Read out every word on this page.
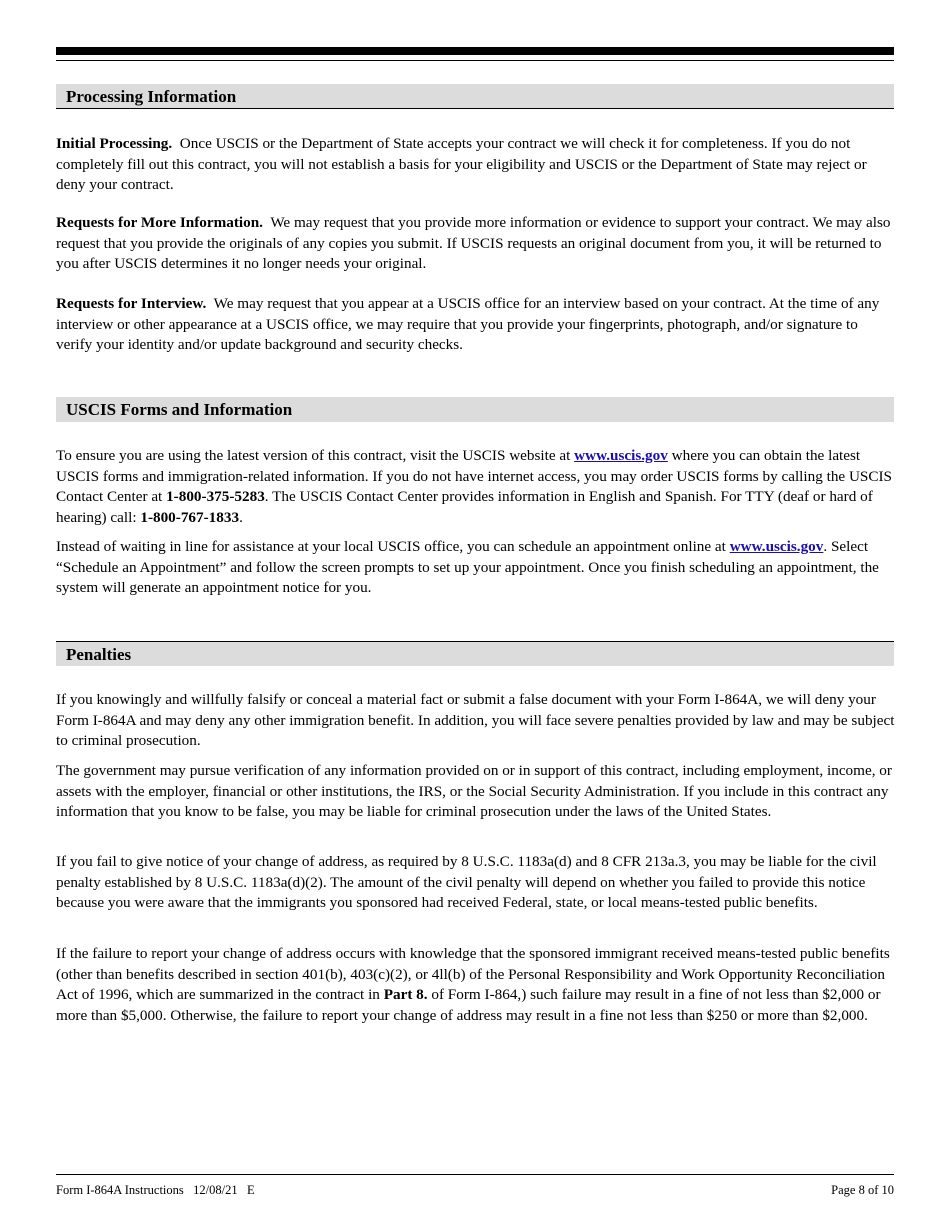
Processing Information

Initial Processing. Once USCIS or the Department of State accepts your contract we will check it for completeness. If you do not completely fill out this contract, you will not establish a basis for your eligibility and USCIS or the Department of State may reject or deny your contract.

Requests for More Information. We may request that you provide more information or evidence to support your contract. We may also request that you provide the originals of any copies you submit. If USCIS requests an original document from you, it will be returned to you after USCIS determines it no longer needs your original.

Requests for Interview. We may request that you appear at a USCIS office for an interview based on your contract. At the time of any interview or other appearance at a USCIS office, we may require that you provide your fingerprints, photograph, and/or signature to verify your identity and/or update background and security checks.

USCIS Forms and Information

To ensure you are using the latest version of this contract, visit the USCIS website at www.uscis.gov where you can obtain the latest USCIS forms and immigration-related information. If you do not have internet access, you may order USCIS forms by calling the USCIS Contact Center at 1-800-375-5283. The USCIS Contact Center provides information in English and Spanish. For TTY (deaf or hard of hearing) call: 1-800-767-1833.

Instead of waiting in line for assistance at your local USCIS office, you can schedule an appointment online at www.uscis.gov. Select “Schedule an Appointment” and follow the screen prompts to set up your appointment. Once you finish scheduling an appointment, the system will generate an appointment notice for you.

Penalties

If you knowingly and willfully falsify or conceal a material fact or submit a false document with your Form I-864A, we will deny your Form I-864A and may deny any other immigration benefit. In addition, you will face severe penalties provided by law and may be subject to criminal prosecution.

The government may pursue verification of any information provided on or in support of this contract, including employment, income, or assets with the employer, financial or other institutions, the IRS, or the Social Security Administration. If you include in this contract any information that you know to be false, you may be liable for criminal prosecution under the laws of the United States.

If you fail to give notice of your change of address, as required by 8 U.S.C. 1183a(d) and 8 CFR 213a.3, you may be liable for the civil penalty established by 8 U.S.C. 1183a(d)(2). The amount of the civil penalty will depend on whether you failed to provide this notice because you were aware that the immigrants you sponsored had received Federal, state, or local means-tested public benefits.

If the failure to report your change of address occurs with knowledge that the sponsored immigrant received means-tested public benefits (other than benefits described in section 401(b), 403(c)(2), or 4ll(b) of the Personal Responsibility and Work Opportunity Reconciliation Act of 1996, which are summarized in the contract in Part 8. of Form I-864,) such failure may result in a fine of not less than $2,000 or more than $5,000. Otherwise, the failure to report your change of address may result in a fine not less than $250 or more than $2,000.

Form I-864A Instructions   12/08/21   E	Page 8 of 10
